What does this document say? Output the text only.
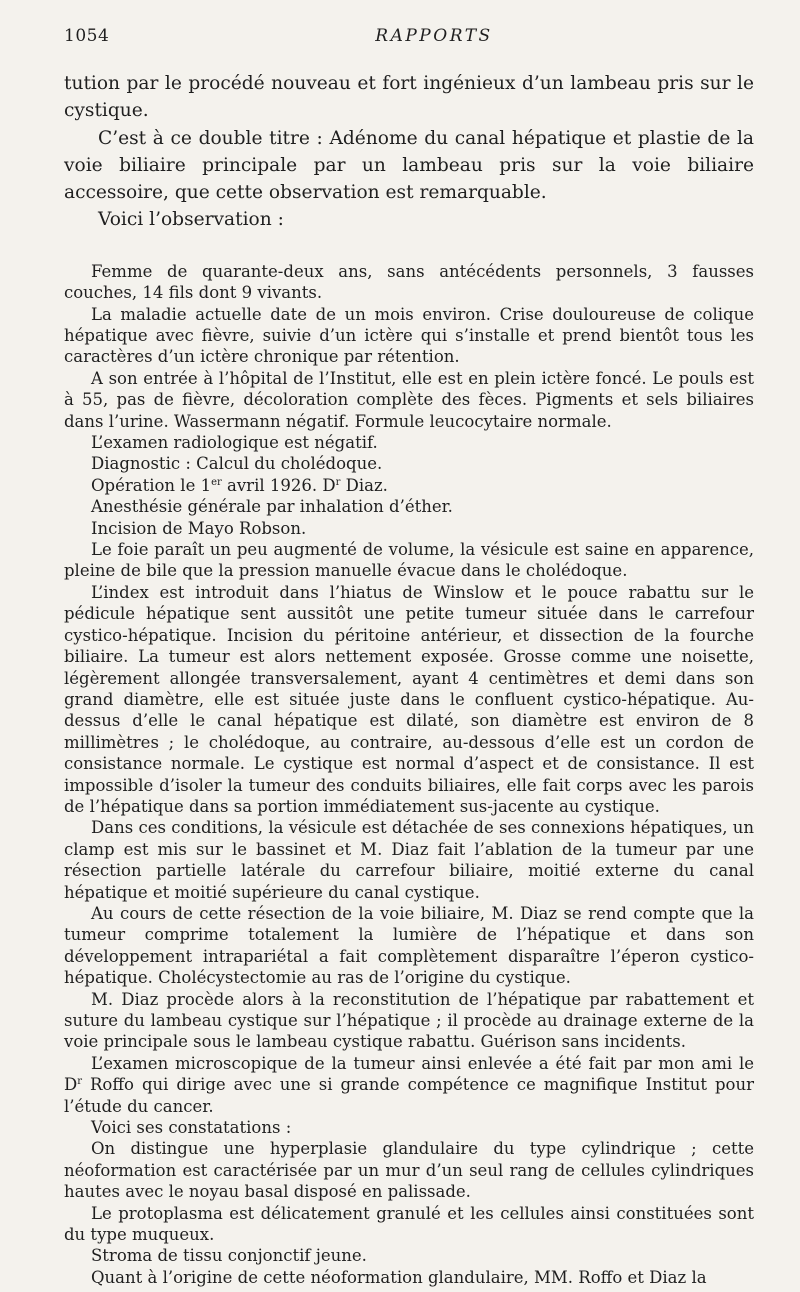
1054	RAPPORTS

tution par le procédé nouveau et fort ingénieux d’un lambeau pris sur le cystique.

C’est à ce double titre : Adénome du canal hépatique et plastie de la voie biliaire principale par un lambeau pris sur la voie biliaire accessoire, que cette observation est remarquable.

Voici l’observation :

Femme de quarante-deux ans, sans antécédents personnels, 3 fausses couches, 14 fils dont 9 vivants.

La maladie actuelle date de un mois environ. Crise douloureuse de colique hépatique avec fièvre, suivie d’un ictère qui s’installe et prend bientôt tous les caractères d’un ictère chronique par rétention.

A son entrée à l’hôpital de l’Institut, elle est en plein ictère foncé. Le pouls est à 55, pas de fièvre, décoloration complète des fèces. Pigments et sels biliaires dans l’urine. Wassermann négatif. Formule leucocytaire normale.

L’examen radiologique est négatif.

Diagnostic : Calcul du cholédoque.

Opération le 1er avril 1926. $D^r$ Diaz.

Anesthésie générale par inhalation d’éther.

Incision de Mayo Robson.

Le foie paraît un peu augmenté de volume, la vésicule est saine en apparence, pleine de bile que la pression manuelle évacue dans le cholédoque.

L’index est introduit dans l’hiatus de Winslow et le pouce rabattu sur le pédicule hépatique sent aussitôt une petite tumeur située dans le carrefour cystico-hépatique. Incision du péritoine antérieur, et dissection de la fourche biliaire. La tumeur est alors nettement exposée. Grosse comme une noisette, légèrement allongée transversalement, ayant 4 centimètres et demi dans son grand diamètre, elle est située juste dans le confluent cystico-hépatique. Au-dessus d’elle le canal hépatique est dilaté, son diamètre est environ de 8 millimètres ; le cholédoque, au contraire, au-dessous d’elle est un cordon de consistance normale. Le cystique est normal d’aspect et de consistance. Il est impossible d’isoler la tumeur des conduits biliaires, elle fait corps avec les parois de l’hépatique dans sa portion immédiatement sus-jacente au cystique.

Dans ces conditions, la vésicule est détachée de ses connexions hépatiques, un clamp est mis sur le bassinet et M. Diaz fait l’ablation de la tumeur par une résection partielle latérale du carrefour biliaire, moitié externe du canal hépatique et moitié supérieure du canal cystique.

Au cours de cette résection de la voie biliaire, M. Diaz se rend compte que la tumeur comprime totalement la lumière de l’hépatique et dans son développement intrapariétal a fait complètement disparaître l’éperon cystico-hépatique. Cholécystectomie au ras de l’origine du cystique.

M. Diaz procède alors à la reconstitution de l’hépatique par rabattement et suture du lambeau cystique sur l’hépatique ; il procède au drainage externe de la voie principale sous le lambeau cystique rabattu. Guérison sans incidents.

L’examen microscopique de la tumeur ainsi enlevée a été fait par mon ami le $D^r$ Roffo qui dirige avec une si grande compétence ce magnifique Institut pour l’étude du cancer.

Voici ses constatations :

On distingue une hyperplasie glandulaire du type cylindrique ; cette néoformation est caractérisée par un mur d’un seul rang de cellules cylindriques hautes avec le noyau basal disposé en palissade.

Le protoplasma est délicatement granulé et les cellules ainsi constituées sont du type muqueux.

Stroma de tissu conjonctif jeune.

Quant à l’origine de cette néoformation glandulaire, MM. Roffo et Diaz la
